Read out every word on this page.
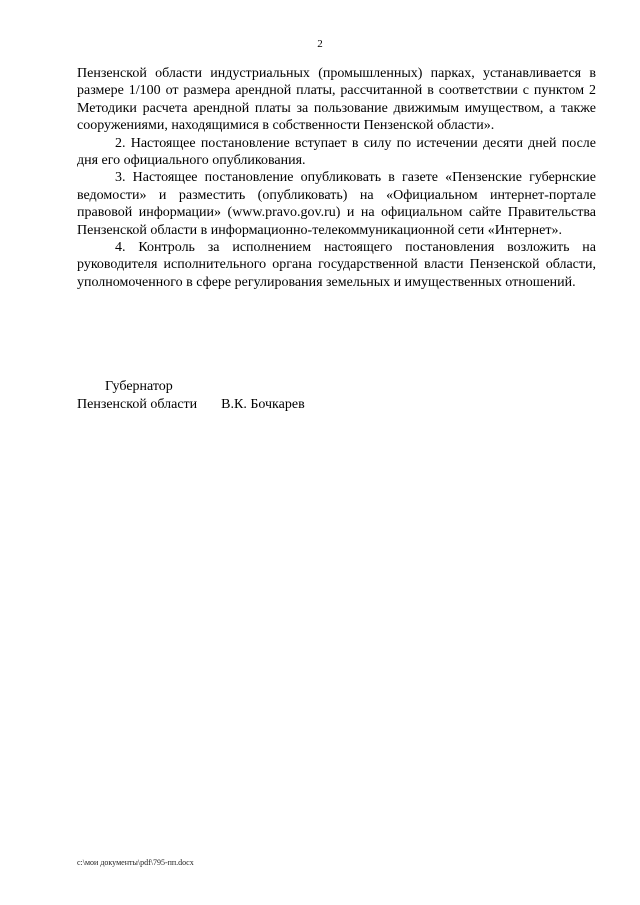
2

Пензенской области индустриальных (промышленных) парках, устанавливается в размере 1/100 от размера арендной платы, рассчитанной в соответствии с пунктом 2 Методики расчета арендной платы за пользование движимым имуществом, а также сооружениями, находящимися в собственности Пензенской области».

2. Настоящее постановление вступает в силу по истечении десяти дней после дня его официального опубликования.

3. Настоящее постановление опубликовать в газете «Пензенские губернские ведомости» и разместить (опубликовать) на «Официальном интернет-портале правовой информации» (www.pravo.gov.ru) и на официальном сайте Правительства Пензенской области в информационно-телекоммуникационной сети «Интернет».

4. Контроль за исполнением настоящего постановления возложить на руководителя исполнительного органа государственной власти Пензенской области, уполномоченного в сфере регулирования земельных и имущественных отношений.

Губернатор
Пензенской области В.К. Бочкарев
c:\мои документы\pdf\795-пп.docx
